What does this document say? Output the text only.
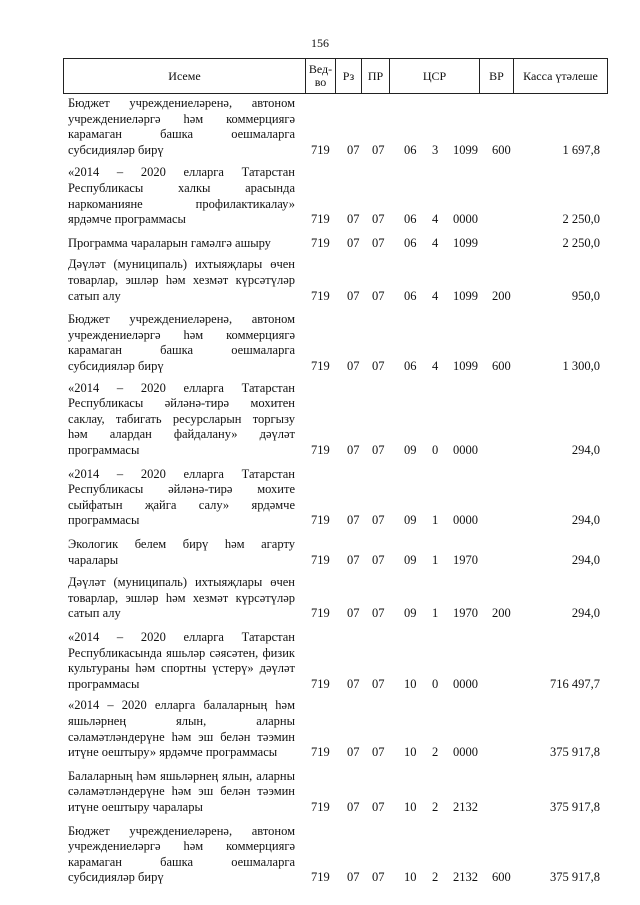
156
Исеме	Вед-во	Рз	ПР	ЦСР	ВР	Касса үтәлеше
Бюджет учреждениеләренә, автоном
учреждениеләргә һәм коммерциягә
карамаган башка оешмаларга
субсидияләр бирү	719 07 07 06 3 1099 600	1 697,8
«2014 – 2020 елларга Татарстан
Республикасы халкы арасында
наркоманияне профилактикалау»
ярдәмче программасы	719 07 07 06 4 0000	2 250,0
Программа чараларын гамәлгә ашыру	719 07 07 06 4 1099	2 250,0
Дәүләт (муниципаль) ихтыяҗлары өчен
товарлар, эшләр һәм хезмәт күрсәтүләр
сатып алу	719 07 07 06 4 1099 200	950,0
Бюджет учреждениеләренә, автоном
учреждениеләргә һәм коммерциягә
карамаган башка оешмаларга
субсидияләр бирү	719 07 07 06 4 1099 600	1 300,0
«2014 – 2020 елларга Татарстан
Республикасы әйләнә-тирә мохитен
саклау, табигать ресурсларын торгызу
һәм алардан файдалану» дәүләт
программасы	719 07 07 09 0 0000	294,0
«2014 – 2020 елларга Татарстан
Республикасы әйләнә-тирә мохите
сыйфатын җайга салу» ярдәмче
программасы	719 07 07 09 1 0000	294,0
Экологик белем бирү һәм агарту
чаралары	719 07 07 09 1 1970	294,0
Дәүләт (муниципаль) ихтыяҗлары өчен
товарлар, эшләр һәм хезмәт күрсәтүләр
сатып алу	719 07 07 09 1 1970 200	294,0
«2014 – 2020 елларга Татарстан
Республикасында яшьләр сәясәтен, физик
культураны һәм спортны үстерү» дәүләт
программасы	719 07 07 10 0 0000	716 497,7
«2014 – 2020 елларга балаларның һәм
яшьләрнең ялын, аларны
сәламәтләндерүне һәм эш белән тәэмин
итүне оештыру» ярдәмче программасы	719 07 07 10 2 0000	375 917,8
Балаларның һәм яшьләрнең ялын, аларны
сәламәтләндерүне һәм эш белән тәэмин
итүне оештыру чаралары	719 07 07 10 2 2132	375 917,8
Бюджет учреждениеләренә, автоном
учреждениеләргә һәм коммерциягә
карамаган башка оешмаларга
субсидияләр бирү	719 07 07 10 2 2132 600	375 917,8
